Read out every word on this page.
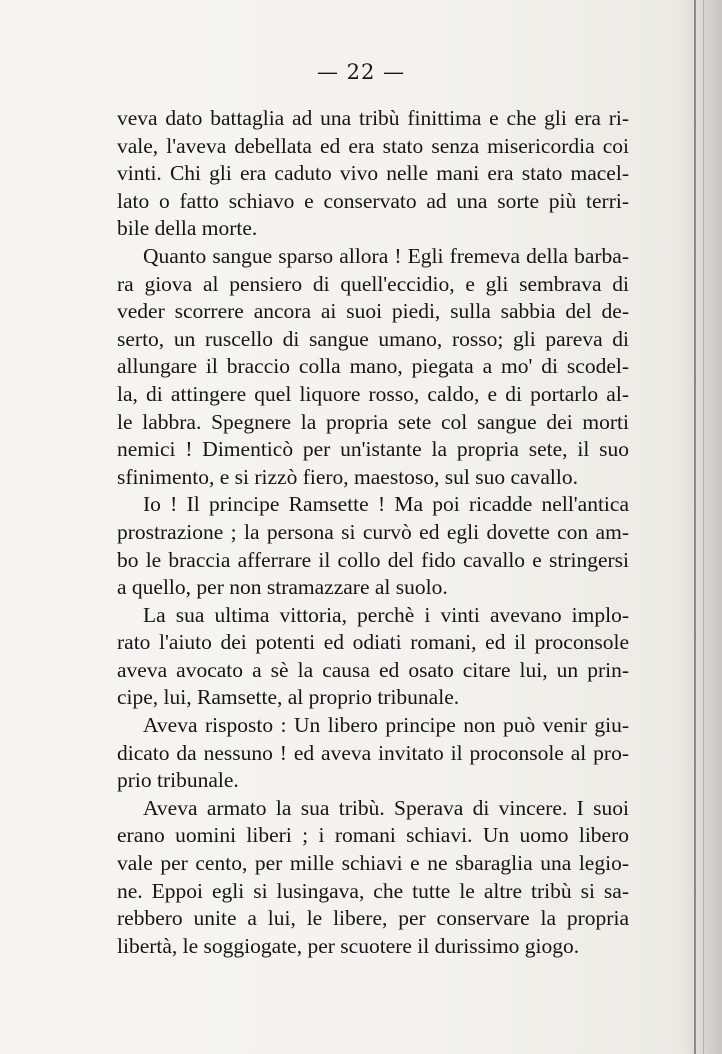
— 22 —

veva dato battaglia ad una tribù finittima e che gli era ri-
vale, l'aveva debellata ed era stato senza misericordia coi
vinti. Chi gli era caduto vivo nelle mani era stato macel-
lato o fatto schiavo e conservato ad una sorte più terri-
bile della morte.

Quanto sangue sparso allora ! Egli fremeva della barba-
ra giova al pensiero di quell'eccidio, e gli sembrava di
veder scorrere ancora ai suoi piedi, sulla sabbia del de-
serto, un ruscello di sangue umano, rosso; gli pareva di
allungare il braccio colla mano, piegata a mo' di scodel-
la, di attingere quel liquore rosso, caldo, e di portarlo al-
le labbra. Spegnere la propria sete col sangue dei morti
nemici ! Dimenticò per un'istante la propria sete, il suo
sfinimento, e si rizzò fiero, maestoso, sul suo cavallo.

Io ! Il principe Ramsette ! Ma poi ricadde nell'antica
prostrazione ; la persona si curvò ed egli dovette con am-
bo le braccia afferrare il collo del fido cavallo e stringersi
a quello, per non stramazzare al suolo.

La sua ultima vittoria, perchè i vinti avevano implo-
rato l'aiuto dei potenti ed odiati romani, ed il proconsole
aveva avocato a sè la causa ed osato citare lui, un prin-
cipe, lui, Ramsette, al proprio tribunale.

Aveva risposto : Un libero principe non può venir giu-
dicato da nessuno ! ed aveva invitato il proconsole al pro-
prio tribunale.

Aveva armato la sua tribù. Sperava di vincere. I suoi
erano uomini liberi ; i romani schiavi. Un uomo libero
vale per cento, per mille schiavi e ne sbaraglia una legio-
ne. Eppoi egli si lusingava, che tutte le altre tribù si sa-
rebbero unite a lui, le libere, per conservare la propria
libertà, le soggiogate, per scuotere il durissimo giogo.
